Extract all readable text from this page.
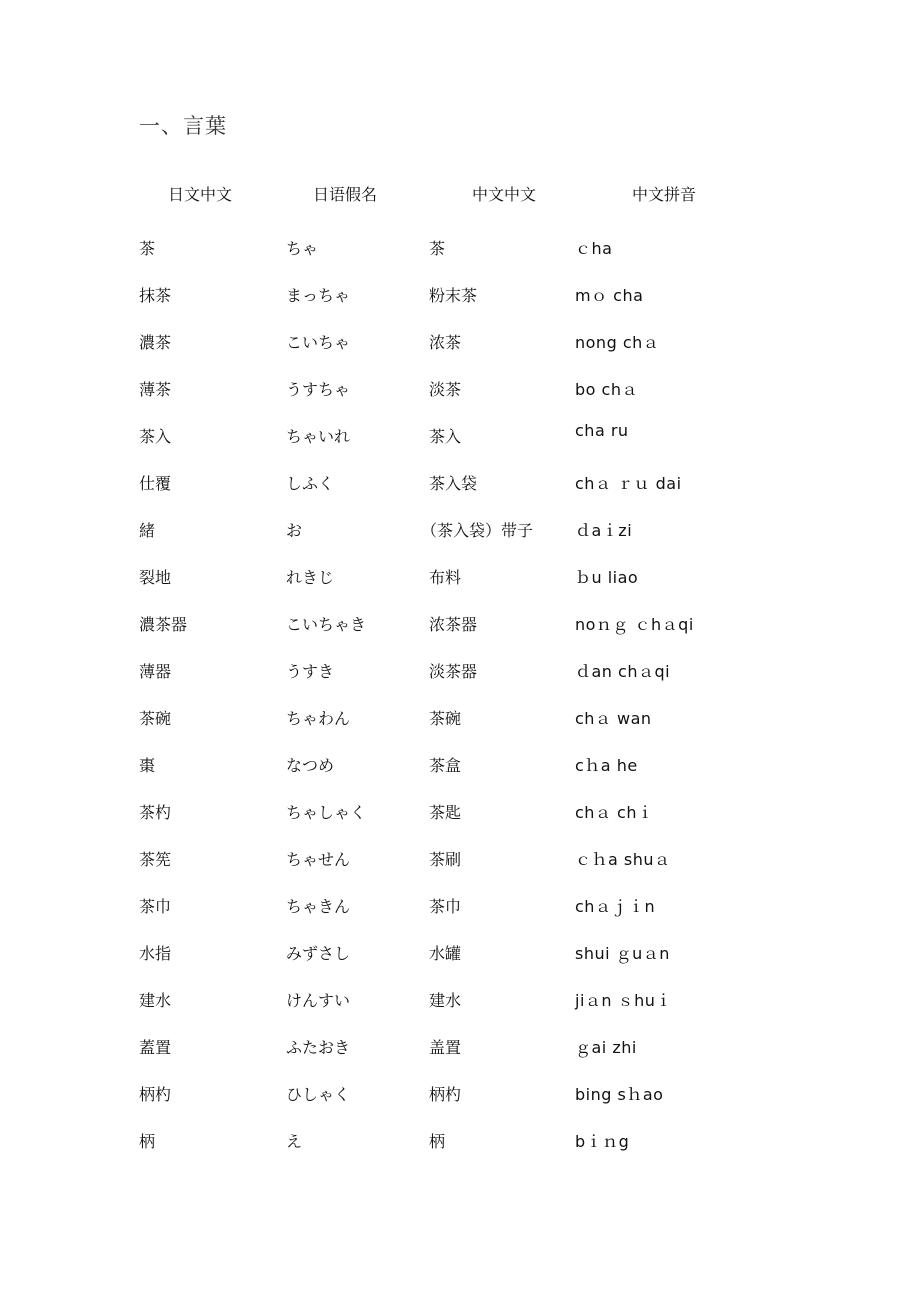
一、言葉
日文中文	日语假名	中文中文	中文拼音
茶	ちゃ	茶	ｃha
抹茶	まっちゃ	粉末茶	mｏ cha
濃茶	こいちゃ	浓茶	nong chａ
薄茶	うすちゃ	淡茶	bo chａ
茶入	ちゃいれ	茶入	cha ru
仕覆	しふく	茶入袋	chａ ｒｕ dai
緒	お	（茶入袋）带子	ｄaｉzi
裂地	れきじ	布料	ｂu liao
濃茶器	こいちゃき	浓茶器	noｎｇ ｃhａqi
薄器	うすき	淡茶器	ｄan chａqi
茶碗	ちゃわん	茶碗	chａ wan
棗	なつめ	茶盒	cｈa he
茶杓	ちゃしゃく	茶匙	chａ chｉ
茶筅	ちゃせん	茶刷	ｃｈa shuａ
茶巾	ちゃきん	茶巾	chａｊｉn
水指	みずさし	水罐	shui ｇuａn
建水	けんすい	建水	jiａn ｓhuｉ
蓋置	ふたおき	盖置	ｇai zhi
柄杓	ひしゃく	柄杓	bing sｈao
柄	え	柄	bｉｎg
